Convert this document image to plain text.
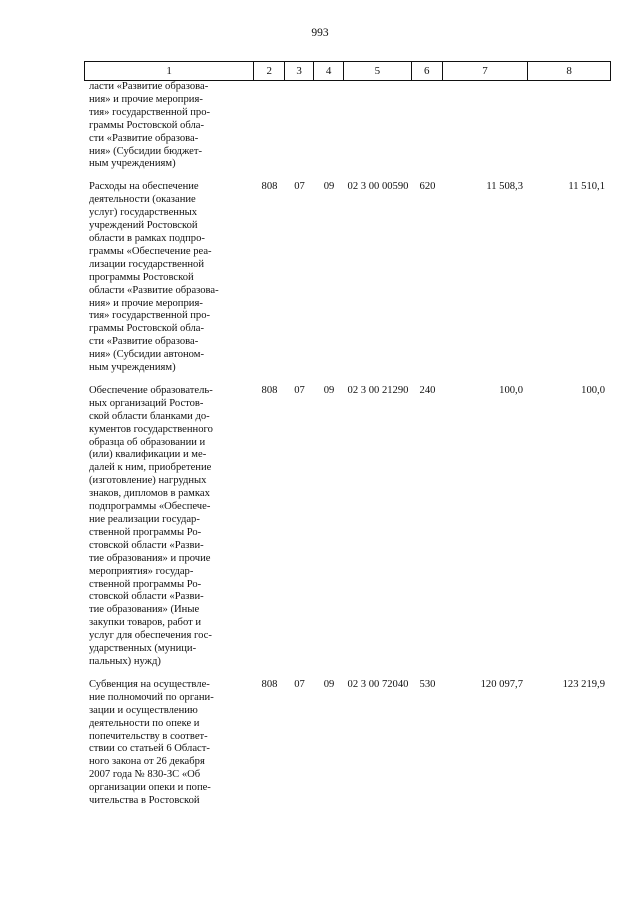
993
1	2	3	4	5	6	7	8
ласти «Развитие образова-
ния» и прочие мероприя-
тия» государственной про-
граммы Ростовской обла-
сти «Развитие образова-
ния» (Субсидии бюджет-
ным учреждениям)
Расходы на обеспечение
деятельности (оказание
услуг) государственных
учреждений Ростовской
области в рамках подпро-
граммы «Обеспечение реа-
лизации государственной
программы Ростовской
области «Развитие образова-
ния» и прочие мероприя-
тия» государственной про-
граммы Ростовской обла-
сти «Развитие образова-
ния» (Субсидии автоном-
ным учреждениям)
808	07	09	02 3 00 00590	620	11 508,3	11 510,1
Обеспечение образователь-
ных организаций Ростов-
ской области бланками до-
кументов государственного
образца об образовании и
(или) квалификации и ме-
далей к ним, приобретение
(изготовление) нагрудных
знаков, дипломов в рамках
подпрограммы «Обеспече-
ние реализации государ-
ственной программы Ро-
стовской области «Разви-
тие образования» и прочие
мероприятия» государ-
ственной программы Ро-
стовской области «Разви-
тие образования» (Иные
закупки товаров, работ и
услуг для обеспечения гос-
ударственных (муници-
пальных) нужд)
808	07	09	02 3 00 21290	240	100,0	100,0
Субвенция на осуществле-
ние полномочий по органи-
зации и осуществлению
деятельности по опеке и
попечительству в соответ-
ствии со статьей 6 Област-
ного закона от 26 декабря
2007 года № 830-ЗС «Об
организации опеки и попе-
чительства в Ростовской
808	07	09	02 3 00 72040	530	120 097,7	123 219,9
